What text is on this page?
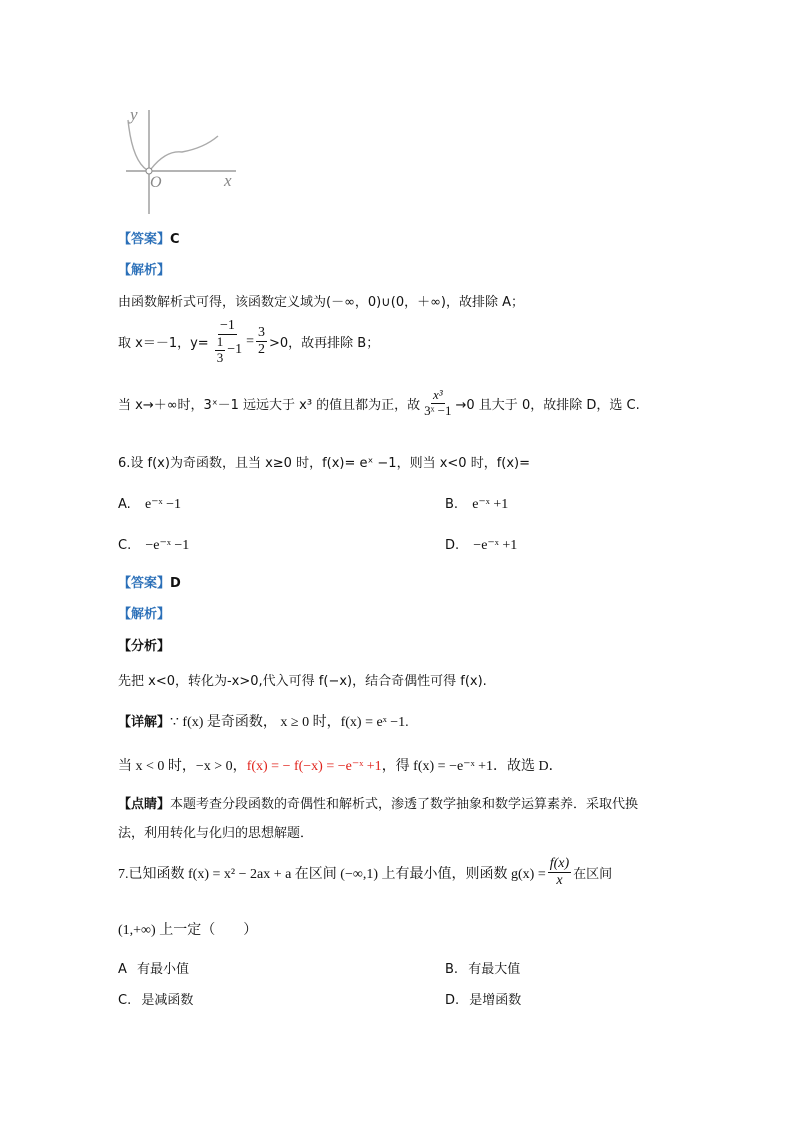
y
x
O
【答案】C
【解析】
由函数解析式可得，该函数定义域为(－∞，0)∪(0，＋∞)，故排除 A；
取 x＝－1，$y= \frac{-1}{\frac{1}{3} -1} = \frac{3}{2} >0$，故再排除 B；
当 x→＋∞时，3ˣ－1 远远大于 x³ 的值且都为正，故 $\frac{\text{x³}}{\text{3ˣ −1}} \to 0$ 且大于 0，故排除 D，选 C.
6.设 f(x)为奇函数，且当 x≥0 时，f(x)= eˣ −1，则当 x<0 时，f(x)=
A. e⁻ˣ −1	B. e⁻ˣ +1
C. −e⁻ˣ −1	D. −e⁻ˣ +1
【答案】D
【解析】
【分析】
先把 x<0，转化为-x>0,代入可得 f(−x)，结合奇偶性可得 f(x).
【详解】∵ f(x) 是奇函数， x ≥ 0 时，f(x) = eˣ −1.
当 x < 0 时，−x > 0，f(x) = − f(−x) = −e⁻ˣ +1，得 f(x) = −e⁻ˣ +1．故选 D．
【点睛】本题考查分段函数的奇偶性和解析式，渗透了数学抽象和数学运算素养．采取代换
法，利用转化与化归的思想解题．
7.已知函数 f(x) = x² − 2ax + a 在区间 (−∞,1) 上有最小值，则函数 $g(x) = \frac{f(x)}{x}$ 在区间
(1,+∞) 上一定（　　）
A 有最小值	B. 有最大值
C. 是减函数	D. 是增函数
